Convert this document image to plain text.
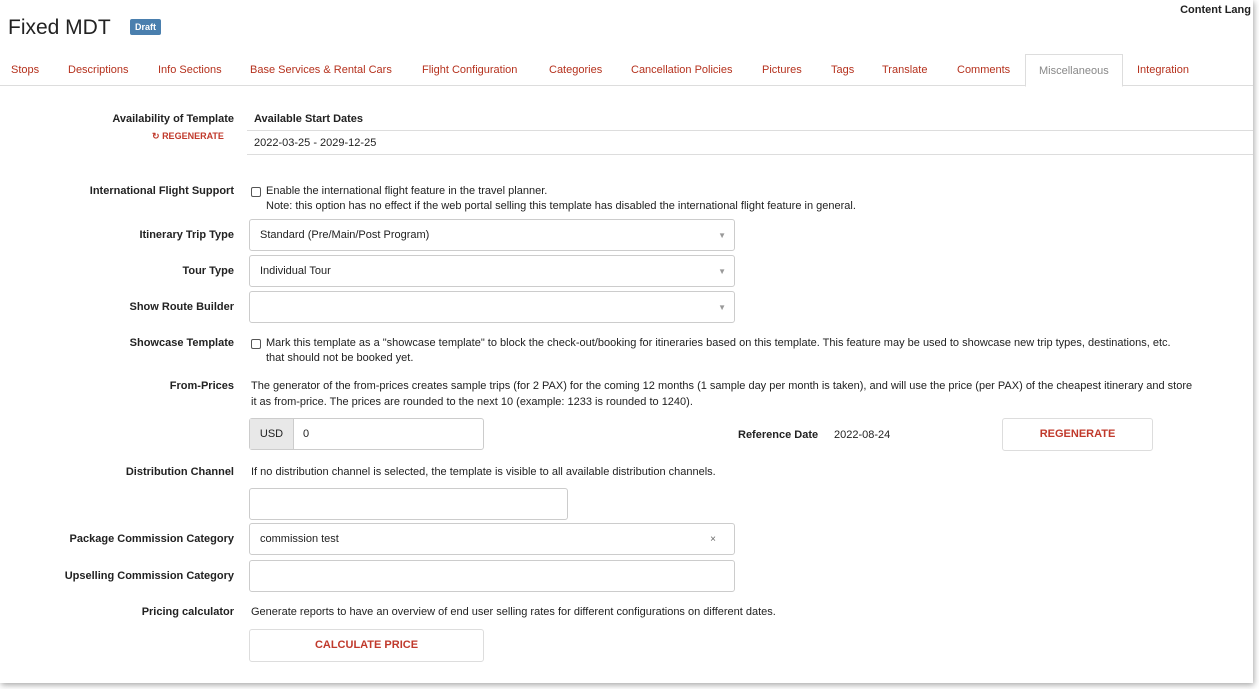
Fixed MDT	Draft
Content Lang
Stops	Descriptions	Info Sections	Base Services & Rental Cars	Flight Configuration	Categories	Cancellation Policies	Pictures	Tags	Translate	Comments	Miscellaneous	Integration
Availability of Template
↻ REGENERATE
Available Start Dates
2022-03-25 - 2029-12-25
International Flight Support	Enable the international flight feature in the travel planner.
Note: this option has no effect if the web portal selling this template has disabled the international flight feature in general.
Itinerary Trip Type	Standard (Pre/Main/Post Program)	▼
Tour Type	Individual Tour	▼
Show Route Builder	▼
Showcase Template	Mark this template as a "showcase template" to block the check-out/booking for itineraries based on this template. This feature may be used to showcase new trip types, destinations, etc.
that should not be booked yet.
From-Prices The generator of the from-prices creates sample trips (for 2 PAX) for the coming 12 months (1 sample day per month is taken), and will use the price (per PAX) of the cheapest itinerary and store
it as from-price. The prices are rounded to the next 10 (example: 1233 is rounded to 1240).
USD	0	Reference Date 2022-08-24	REGENERATE
Distribution Channel If no distribution channel is selected, the template is visible to all available distribution channels.
Package Commission Category	commission test	×
Upselling Commission Category
Pricing calculator Generate reports to have an overview of end user selling rates for different configurations on different dates.
CALCULATE PRICE
